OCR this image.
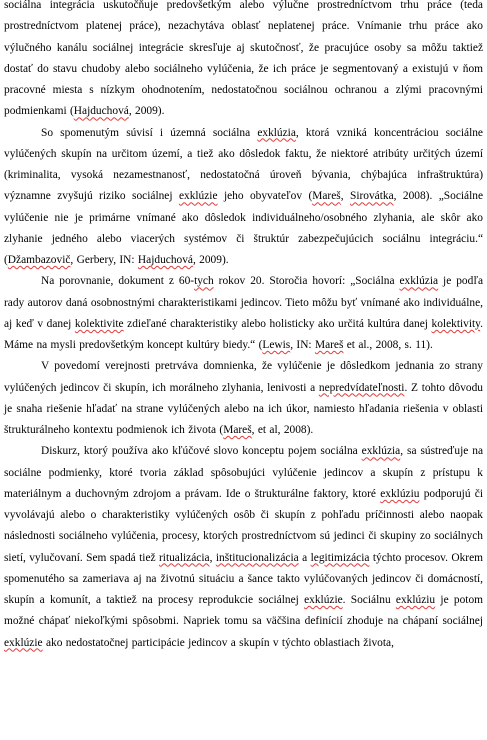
sociálna integrácia uskutočňuje predovšetkým alebo výlučne prostredníctvom trhu práce (teda prostredníctvom platenej práce), nezachytáva oblasť neplatenej práce. Vnímanie trhu práce ako výlučného kanálu sociálnej integrácie skresľuje aj skutočnosť, že pracujúce osoby sa môžu taktiež dostať do stavu chudoby alebo sociálneho vylúčenia, že ich práce je segmentovaný a existujú v ňom pracovné miesta s nízkym ohodnotením, nedostatočnou sociálnou ochranou a zlými pracovnými podmienkami (Hajduchová, 2009).

So spomenutým súvisí i územná sociálna exklúzia, ktorá vzniká koncentráciou sociálne vylúčených skupín na určitom území, a tiež ako dôsledok faktu, že niektoré atribúty určitých území (kriminalita, vysoká nezamestnanosť, nedostatočná úroveň bývania, chýbajúca infraštruktúra) významne zvyšujú riziko sociálnej exklúzie jeho obyvateľov (Mareš, Sirovátka, 2008). „Sociálne vylúčenie nie je primárne vnímané ako dôsledok individuálneho/osobného zlyhania, ale skôr ako zlyhanie jedného alebo viacerých systémov či štruktúr zabezpečujúcich sociálnu integráciu.“ (Džambazovič, Gerbery, IN: Hajduchová, 2009).

Na porovnanie, dokument z 60-tych rokov 20. Storočia hovorí: „Sociálna exklúzia je podľa rady autorov daná osobnostnými charakteristikami jedincov. Tieto môžu byť vnímané ako individuálne, aj keď v danej kolektivite zdieľané charakteristiky alebo holisticky ako určitá kultúra danej kolektivity. Máme na mysli predovšetkým koncept kultúry biedy.“ (Lewis, IN: Mareš et al., 2008, s. 11).

V povedomí verejnosti pretrváva domnienka, že vylúčenie je dôsledkom jednania zo strany vylúčených jedincov či skupín, ich morálneho zlyhania, lenivosti a nepredvídateľnosti. Z tohto dôvodu je snaha riešenie hľadať na strane vylúčených alebo na ich úkor, namiesto hľadania riešenia v oblasti štrukturálneho kontextu podmienok ich života (Mareš, et al, 2008).

Diskurz, ktorý používa ako kľúčové slovo konceptu pojem sociálna exklúzia, sa sústreďuje na sociálne podmienky, ktoré tvoria základ spôsobujúci vylúčenie jedincov a skupín z prístupu k materiálnym a duchovným zdrojom a právam. Ide o štrukturálne faktory, ktoré exklúziu podporujú či vyvolávajú alebo o charakteristiky vylúčených osôb či skupín z pohľadu príčinnosti alebo naopak následnosti sociálneho vylúčenia, procesy, ktorých prostredníctvom sú jedinci či skupiny zo sociálnych sietí, vylučovaní. Sem spadá tiež ritualizácia, inštitucionalizácia a legitimizácia týchto procesov. Okrem spomenutého sa zameriava aj na životnú situáciu a šance takto vylúčovaných jedincov či domácností, skupín a komunít, a taktiež na procesy reprodukcie sociálnej exklúzie. Sociálnu exklúziu je potom možné chápať niekoľkými spôsobmi. Napriek tomu sa väčšina definícií zhoduje na chápaní sociálnej exklúzie ako nedostatočnej participácie jedincov a skupín v týchto oblastiach života,
